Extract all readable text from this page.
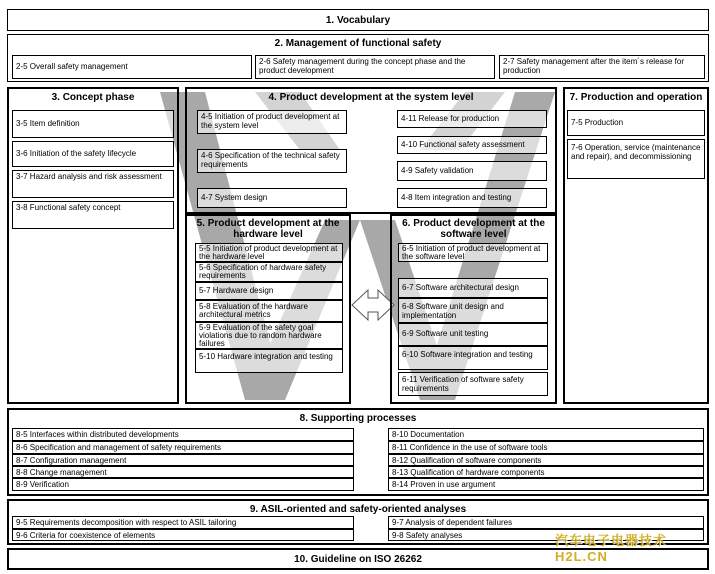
1. Vocabulary
2. Management of functional safety
2-5 Overall safety management
2-6 Safety management during the concept phase and the product development
2-7 Safety management after the item´s release for production
3. Concept phase
3-5 Item definition
3-6 Initiation of the safety lifecycle
3-7 Hazard analysis and risk assessment
3-8 Functional safety concept
4. Product development at the system level
4-5 Initiation of product development at the system level
4-6 Specification of the technical safety requirements
4-7 System design
4-11 Release for production
4-10 Functional safety assessment
4-9 Safety validation
4-8 Item integration and testing
5. Product development at the hardware level
5-5 Initiation of product development at the hardware level
5-6 Specification of hardware safety requirements
5-7 Hardware design
5-8 Evaluation of the hardware architectural metrics
5-9 Evaluation of the safety goal violations due to random hardware failures
5-10 Hardware integration and testing
6. Product development at the software level
6-5 Initiation of product development at the software level
6-7 Software architectural design
6-8 Software unit design and implementation
6-9 Software unit testing
6-10 Software integration and testing
6-11 Verification of software safety requirements
7. Production and operation
7-5 Production
7-6 Operation, service (maintenance and repair), and decommissioning
8. Supporting processes
8-5 Interfaces within distributed developments
8-6 Specification and management of safety requirements
8-7 Configuration management
8-8 Change management
8-9 Verification
8-10 Documentation
8-11 Confidence in the use of software tools
8-12 Qualification of software components
8-13 Qualification of hardware components
8-14 Proven in use argument
9. ASIL-oriented and safety-oriented analyses
9-5 Requirements decomposition with respect to ASIL tailoring
9-6 Criteria for coexistence of elements
9-7 Analysis of dependent failures
9-8 Safety analyses
10. Guideline on ISO 26262
汽车电子电器技术 H2L.CN
